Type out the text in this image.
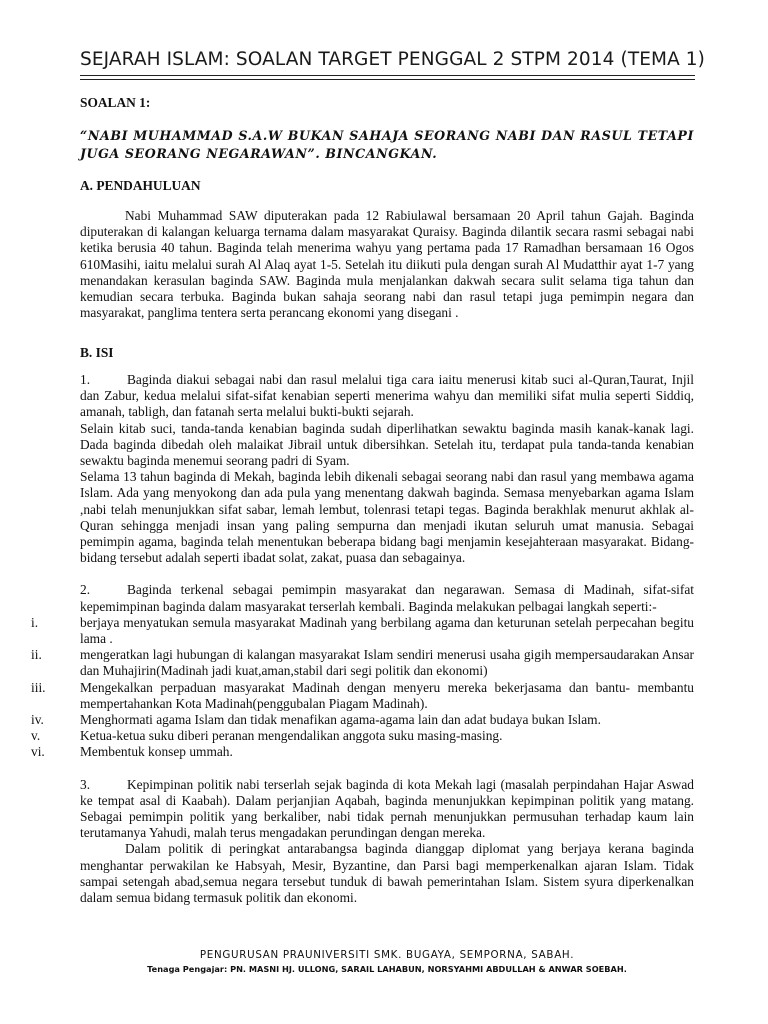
SEJARAH ISLAM: SOALAN TARGET PENGGAL 2 STPM 2014 (TEMA 1)
SOALAN 1:
“NABI MUHAMMAD S.A.W BUKAN SAHAJA SEORANG NABI DAN RASUL TETAPI JUGA SEORANG NEGARAWAN”. BINCANGKAN.
A. PENDAHULUAN

Nabi Muhammad SAW diputerakan pada 12 Rabiulawal bersamaan 20 April tahun Gajah. Baginda diputerakan di kalangan keluarga ternama dalam masyarakat Quraisy. Baginda dilantik secara rasmi sebagai nabi ketika berusia 40 tahun. Baginda telah menerima wahyu yang pertama pada 17 Ramadhan bersamaan 16 Ogos 610Masihi, iaitu melalui surah Al Alaq ayat 1-5. Setelah itu diikuti pula dengan surah Al Mudatthir ayat 1-7 yang menandakan kerasulan baginda SAW. Baginda mula menjalankan dakwah secara sulit selama tiga tahun dan kemudian secara terbuka. Baginda bukan sahaja seorang nabi dan rasul tetapi juga pemimpin negara dan masyarakat, panglima tentera serta perancang ekonomi yang disegani .

B. ISI

1.	Baginda diakui sebagai nabi dan rasul melalui tiga cara iaitu menerusi kitab suci al-Quran,Taurat, Injil dan Zabur, kedua melalui sifat-sifat kenabian seperti menerima wahyu dan memiliki sifat mulia seperti Siddiq, amanah, tabligh, dan fatanah serta melalui bukti-bukti sejarah.

Selain kitab suci, tanda-tanda kenabian baginda sudah diperlihatkan sewaktu baginda masih kanak-kanak lagi. Dada baginda dibedah oleh malaikat Jibrail untuk dibersihkan. Setelah itu, terdapat pula tanda-tanda kenabian sewaktu baginda menemui seorang padri di Syam.

Selama 13 tahun baginda di Mekah, baginda lebih dikenali sebagai seorang nabi dan rasul yang membawa agama Islam. Ada yang menyokong dan ada pula yang menentang dakwah baginda. Semasa menyebarkan agama Islam ,nabi telah menunjukkan sifat sabar, lemah lembut, tolenrasi tetapi tegas. Baginda berakhlak menurut akhlak al-Quran sehingga menjadi insan yang paling sempurna dan menjadi ikutan seluruh umat manusia. Sebagai pemimpin agama, baginda telah menentukan beberapa bidang bagi menjamin kesejahteraan masyarakat. Bidang- bidang tersebut adalah seperti ibadat solat, zakat, puasa dan sebagainya.

2.	Baginda terkenal sebagai pemimpin masyarakat dan negarawan. Semasa di Madinah, sifat-sifat kepemimpinan baginda dalam masyarakat terserlah kembali. Baginda melakukan pelbagai langkah seperti:-

i.	berjaya menyatukan semula masyarakat Madinah yang berbilang agama dan keturunan setelah perpecahan begitu lama .
ii.	mengeratkan lagi hubungan di kalangan masyarakat Islam sendiri menerusi usaha gigih mempersaudarakan Ansar dan Muhajirin(Madinah jadi kuat,aman,stabil dari segi politik dan ekonomi)
iii.	Mengekalkan perpaduan masyarakat Madinah dengan menyeru mereka bekerjasama dan bantu- membantu mempertahankan Kota Madinah(penggubalan Piagam Madinah).
iv.	Menghormati agama Islam dan tidak menafikan agama-agama lain dan adat budaya bukan Islam.
v.	Ketua-ketua suku diberi peranan mengendalikan anggota suku masing-masing.
vi.	Membentuk konsep ummah.

3.	Kepimpinan politik nabi terserlah sejak baginda di kota Mekah lagi (masalah perpindahan Hajar Aswad ke tempat asal di Kaabah). Dalam perjanjian Aqabah, baginda menunjukkan kepimpinan politik yang matang. Sebagai pemimpin politik yang berkaliber, nabi tidak pernah menunjukkan permusuhan terhadap kaum lain terutamanya Yahudi, malah terus mengadakan perundingan dengan mereka.

Dalam politik di peringkat antarabangsa baginda dianggap diplomat yang berjaya kerana baginda menghantar perwakilan ke Habsyah, Mesir, Byzantine, dan Parsi bagi memperkenalkan ajaran Islam. Tidak sampai setengah abad,semua negara tersebut tunduk di bawah pemerintahan Islam. Sistem syura diperkenalkan dalam semua bidang termasuk politik dan ekonomi.

PENGURUSAN PRAUNIVERSITI SMK. BUGAYA, SEMPORNA, SABAH.
Tenaga Pengajar: PN. MASNI HJ. ULLONG, SARAIL LAHABUN, NORSYAHMI ABDULLAH & ANWAR SOEBAH.
